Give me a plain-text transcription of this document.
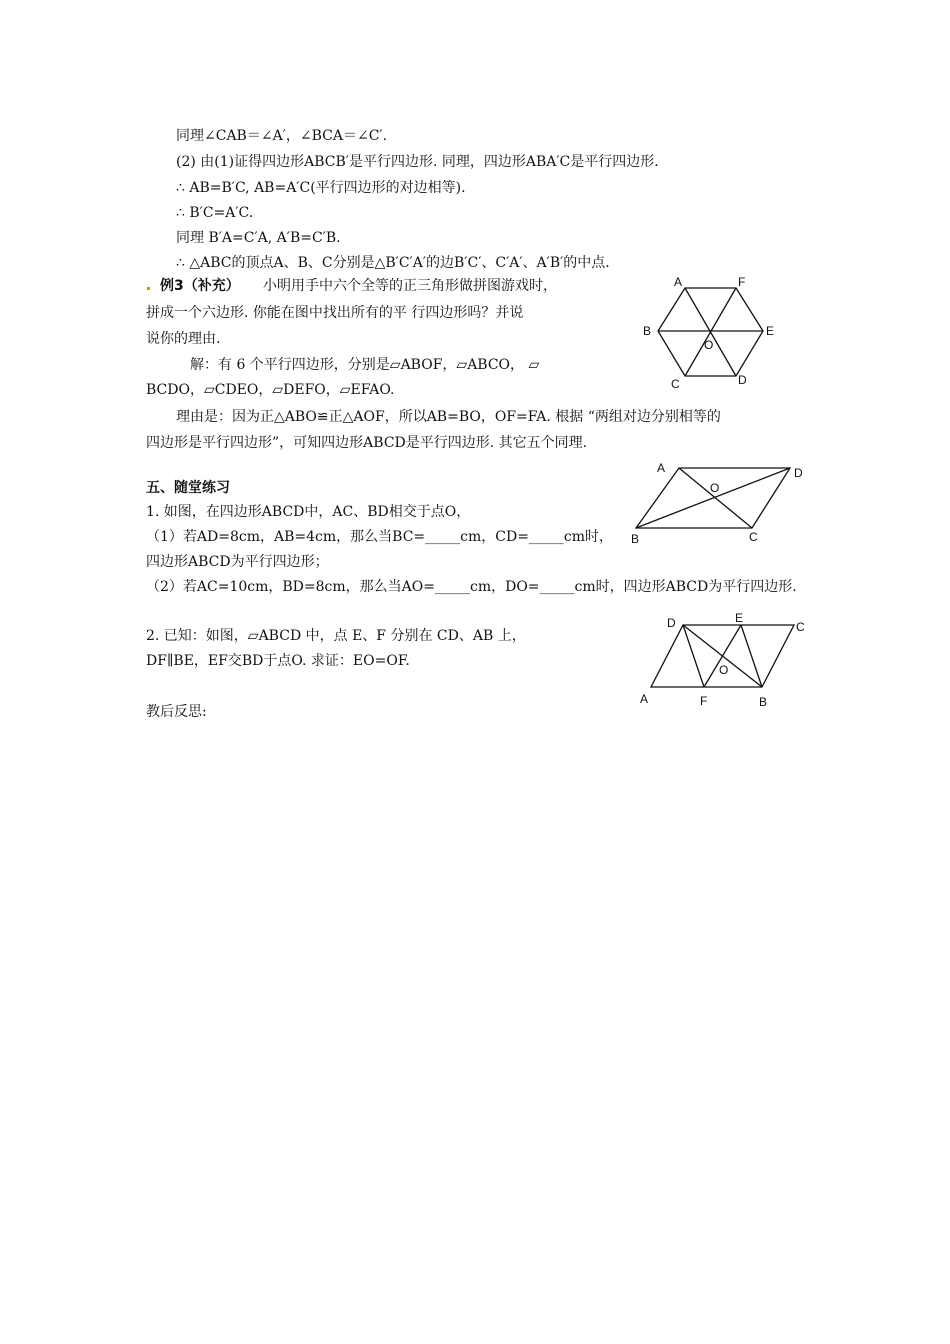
同理∠CAB＝∠A′，∠BCA＝∠C′.
(2) 由(1)证得四边形ABCB′是平行四边形. 同理，四边形ABA′C是平行四边形.
∴ AB=B′C, AB=A′C(平行四边形的对边相等).
∴ B′C=A′C.
同理 B′A=C′A, A′B=C′B.
∴ △ABC的顶点A、B、C分别是△B′C′A′的边B′C′、C′A′、A′B′的中点.
例3（补充） 小明用手中六个全等的正三角形做拼图游戏时，
拼成一个六边形. 你能在图中找出所有的平 行四边形吗？并说
说你的理由.
解：有 6 个平行四边形，分别是▱ABOF，▱ABCO， ▱
BCDO，▱CDEO，▱DEFO，▱EFAO.
理由是：因为正△ABO≌正△AOF，所以AB=BO，OF=FA. 根据 “两组对边分别相等的
四边形是平行四边形”，可知四边形ABCD是平行四边形. 其它五个同理.
A	F
B	E
O
C	D
五、随堂练习
1. 如图，在四边形ABCD中，AC、BD相交于点O，
（1）若AD=8cm，AB=4cm，那么当BC=_____cm，CD=_____cm时，
四边形ABCD为平行四边形；
（2）若AC=10cm，BD=8cm，那么当AO=_____cm，DO=_____cm时，四边形ABCD为平行四边形.
A	D
O
B	C
2. 已知：如图，▱ABCD 中，点 E、F 分别在 CD、AB 上，
DF∥BE，EF交BD于点O. 求证：EO=OF.
D	E
C
O
A	F	B
教后反思:
